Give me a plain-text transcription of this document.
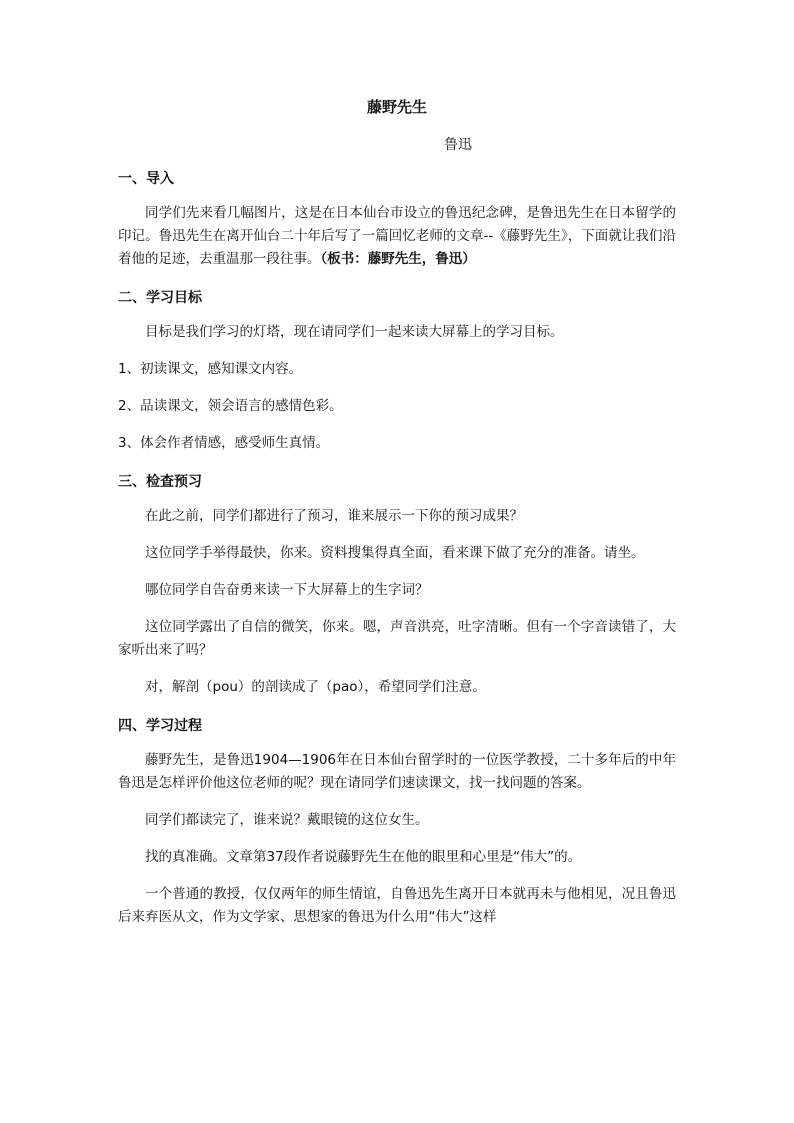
藤野先生
鲁迅
一、导入

同学们先来看几幅图片，这是在日本仙台市设立的鲁迅纪念碑，是鲁迅先生在日本留学的印记。鲁迅先生在离开仙台二十年后写了一篇回忆老师的文章--《藤野先生》，下面就让我们沿着他的足迹，去重温那一段往事。（板书：藤野先生，鲁迅）

二、学习目标

目标是我们学习的灯塔，现在请同学们一起来读大屏幕上的学习目标。

1、初读课文，感知课文内容。

2、品读课文，领会语言的感情色彩。

3、体会作者情感，感受师生真情。

三、检查预习

在此之前，同学们都进行了预习，谁来展示一下你的预习成果？

这位同学手举得最快，你来。资料搜集得真全面，看来课下做了充分的准备。请坐。

哪位同学自告奋勇来读一下大屏幕上的生字词？

这位同学露出了自信的微笑，你来。嗯，声音洪亮，吐字清晰。但有一个字音读错了，大家听出来了吗？

对，解剖（pou）的剖读成了（pao），希望同学们注意。

四、学习过程

藤野先生，是鲁迅1904—1906年在日本仙台留学时的一位医学教授，二十多年后的中年鲁迅是怎样评价他这位老师的呢？现在请同学们速读课文，找一找问题的答案。

同学们都读完了，谁来说？戴眼镜的这位女生。

找的真准确。文章第37段作者说藤野先生在他的眼里和心里是“伟大”的。

一个普通的教授，仅仅两年的师生情谊，自鲁迅先生离开日本就再未与他相见，况且鲁迅后来弃医从文，作为文学家、思想家的鲁迅为什么用“伟大”这样
